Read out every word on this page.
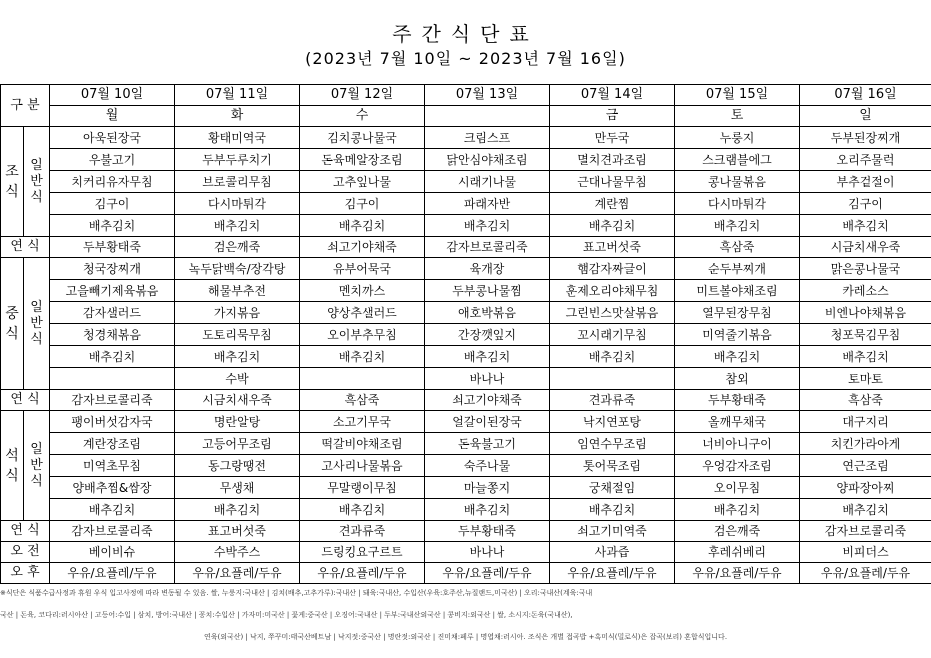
주간식단표
(2023년 7월 10일 ~ 2023년 7월 16일)
구 분		07월 10일	07월 11일	07월 12일	07월 13일	07월 14일	07월 15일	07월 16일
		월	화	수		금	토	일
조
식	일
반
식	아욱된장국	황태미역국	김치콩나물국	크림스프	만두국	누룽지	두부된장찌개
		우불고기	두부두루치기	돈육메알장조림	닭안심야채조림	멸치견과조림	스크램블에그	오리주물럭
		치커리유자무침	브로콜리무침	고추잎나물	시래기나물	근대나물무침	콩나물볶음	부추겉절이
		김구이	다시마튀각	김구이	파래자반	계란찜	다시마튀각	김구이
		배추김치	배추김치	배추김치	배추김치	배추김치	배추김치	배추김치
연 식		두부황태죽	검은깨죽	쇠고기야채죽	감자브로콜리죽	표고버섯죽	흑삼죽	시금치새우죽
중
식	일
반
식	청국장찌개	녹두닭백숙/장각탕	유부어묵국	육개장	햄감자짜글이	순두부찌개	맑은콩나물국
		고을빼기제육볶음	해물부추전	멘치까스	두부콩나물찜	훈제오리야채무침	미트볼야채조림	카레소스
		감자샐러드	가지볶음	양상추샐러드	애호박볶음	그린빈스맛살볶음	열무된장무침	비엔나야채볶음
		청경채볶음	도토리묵무침	오이부추무침	간장깻잎지	꼬시래기무침	미역줄기볶음	청포묵김무침
		배추김치	배추김치	배추김치	배추김치	배추김치	배추김치	배추김치
			수박		바나나		참외	토마토
연 식		감자브로콜리죽	시금치새우죽	흑삼죽	쇠고기야채죽	견과류죽	두부황태죽	흑삼죽
석
식	일
반
식	팽이버섯감자국	명란알탕	소고기무국	얼갈이된장국	낙지연포탕	올깨무채국	대구지리
		계란장조림	고등어무조림	떡갈비야채조림	돈육불고기	임연수무조림	너비아니구이	치킨가라아게
		미역초무침	동그랑땡전	고사리나물볶음	숙주나물	톳어묵조림	우엉감자조림	연근조림
		양배추찜&쌈장	무생채	무말랭이무침	마늘쫑지	궁채절임	오이무침	양파장아찌
		배추김치	배추김치	배추김치	배추김치	배추김치	배추김치	배추김치
연 식		감자브로콜리죽	표고버섯죽	견과류죽	두부황태죽	쇠고기미역죽	검은깨죽	감자브로콜리죽
오 전		베이비슈	수박주스	드링킹요구르트	바나나	사과즙	후레쉬베리	비피더스
오 후		우유/요플레/두유	우유/요플레/두유	우유/요플레/두유	우유/요플레/두유	우유/요플레/두유	우유/요플레/두유	우유/요플레/두유
※식단은 식품수급사정과 휴원 우식 입고사정에 따라 변동될 수 있음. 쌀, 누룽지:국내산 | 김치(배추,고추가루):국내산 | 돼육:국내산, 수입산(우육:호주산,뉴질랜드,미국산) | 오리:국내산(계육:국내
국산 | 돈육, 코다리:러시아산 | 고등어:수입 | 삼치, 방어:국내산 | 꽁치:수입산 | 가자미:미국산 | 꽃게:중국산 | 오징어:국내산 | 두부:국내산외국산 | 콩비지:외국산 | 쌀, 소시지:돈육(국내산),
연육(외국산) | 낙지, 쭈꾸미:태국산베트남 | 낙지젓:중국산 | 명란젓:외국산 | 진미채:페루 | 명엽채:러시아. 조식은 개별 접곡밥 +흑미식(밀로식)은 잡곡(보리) 혼합식입니다.
